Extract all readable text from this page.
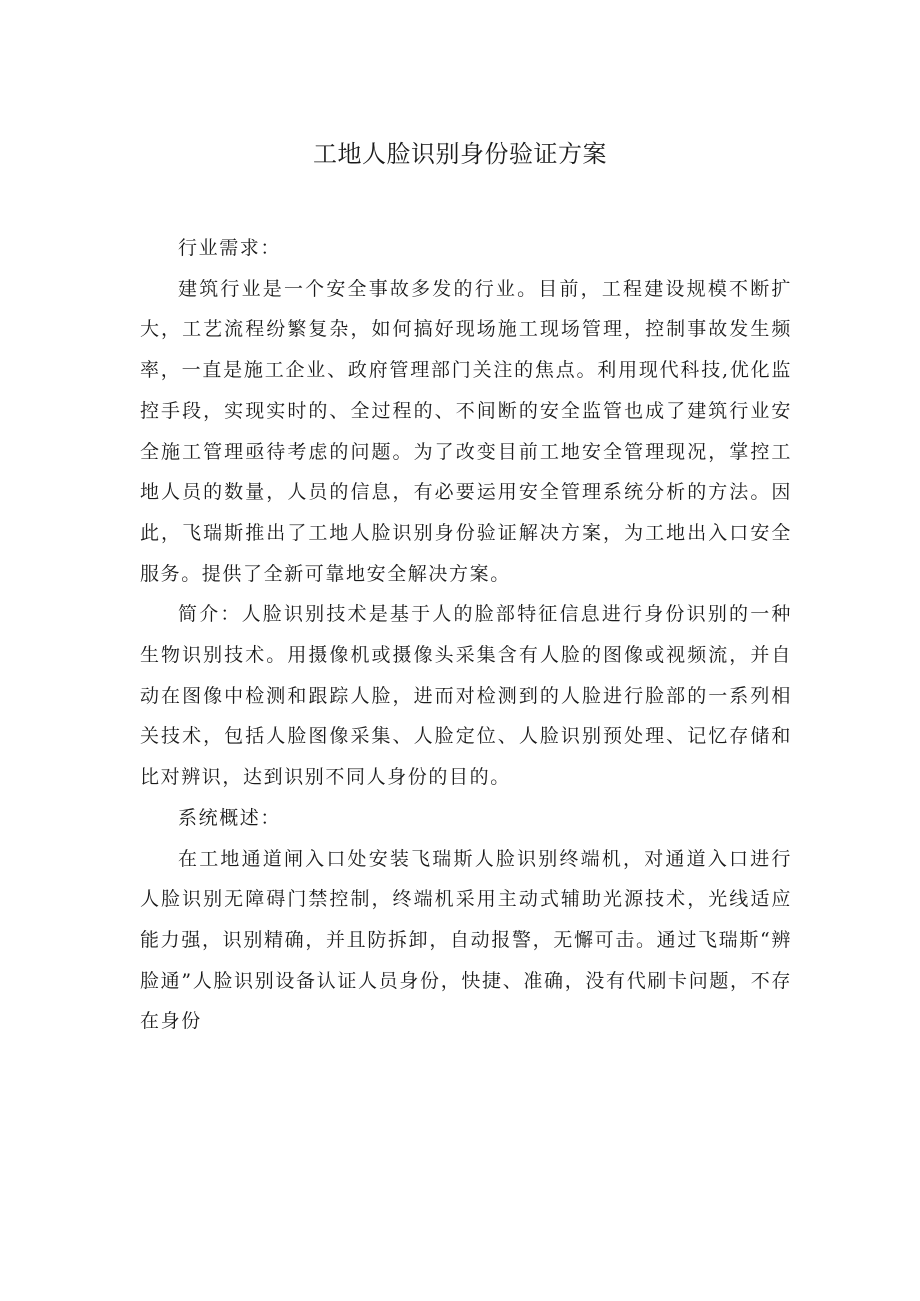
工地人脸识别身份验证方案

行业需求：

建筑行业是一个安全事故多发的行业。目前，工程建设规模不断扩大，工艺流程纷繁复杂，如何搞好现场施工现场管理，控制事故发生频率，一直是施工企业、政府管理部门关注的焦点。利用现代科技,优化监控手段，实现实时的、全过程的、不间断的安全监管也成了建筑行业安全施工管理亟待考虑的问题。为了改变目前工地安全管理现况，掌控工地人员的数量，人员的信息，有必要运用安全管理系统分析的方法。因此，飞瑞斯推出了工地人脸识别身份验证解决方案，为工地出入口安全服务。提供了全新可靠地安全解决方案。

简介：人脸识别技术是基于人的脸部特征信息进行身份识别的一种生物识别技术。用摄像机或摄像头采集含有人脸的图像或视频流，并自动在图像中检测和跟踪人脸，进而对检测到的人脸进行脸部的一系列相关技术，包括人脸图像采集、人脸定位、人脸识别预处理、记忆存储和比对辨识，达到识别不同人身份的目的。

系统概述：

在工地通道闸入口处安装飞瑞斯人脸识别终端机，对通道入口进行人脸识别无障碍门禁控制，终端机采用主动式辅助光源技术，光线适应能力强，识别精确，并且防拆卸，自动报警，无懈可击。通过飞瑞斯“辨脸通”人脸识别设备认证人员身份，快捷、准确，没有代刷卡问题，不存在身份
